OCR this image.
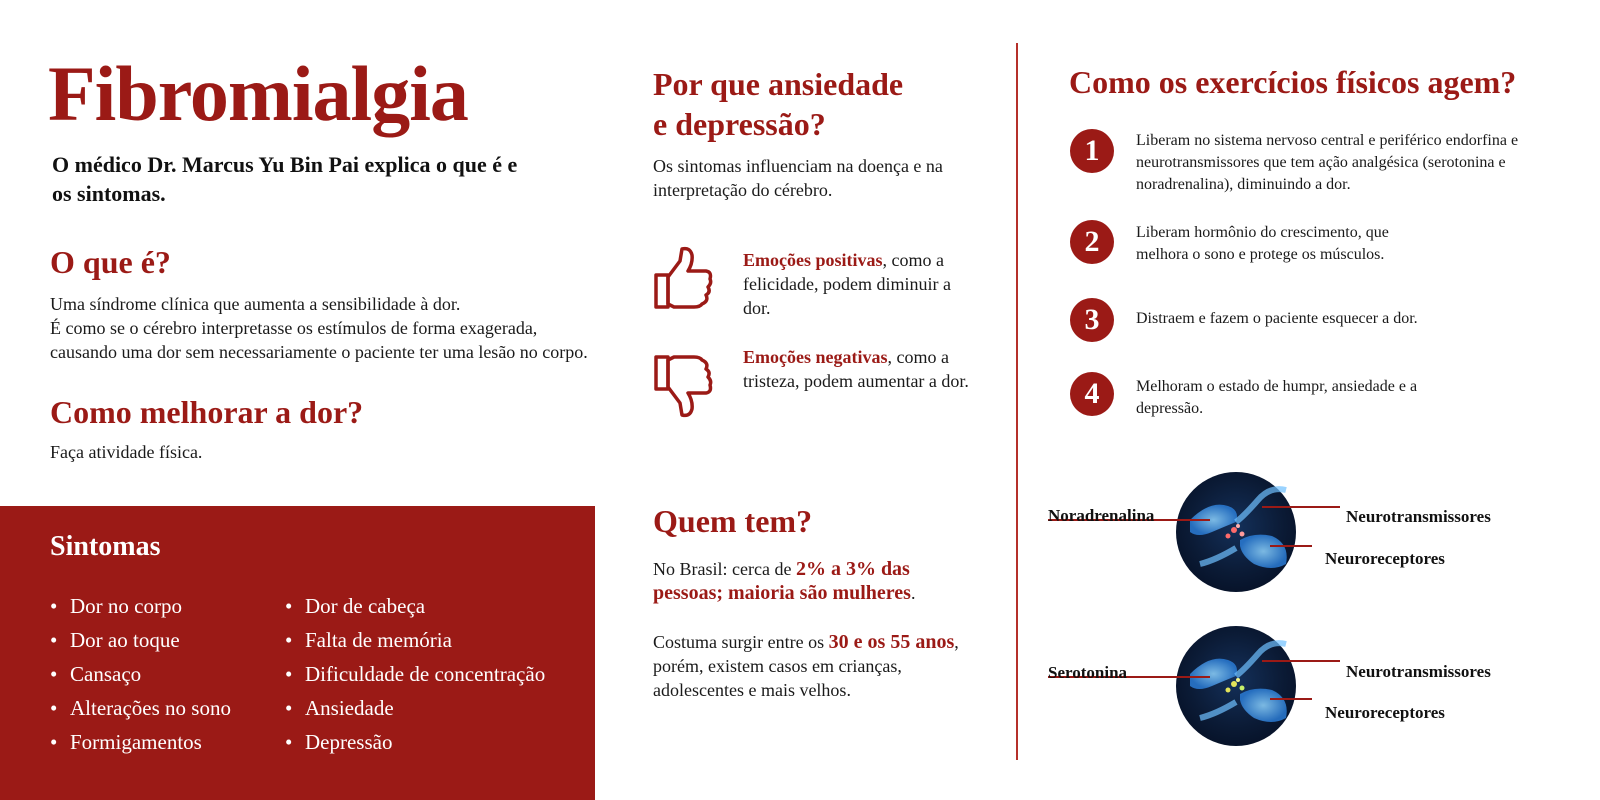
Fibromialgia
O médico Dr. Marcus Yu Bin Pai explica o que é e os sintomas.
O que é?
Uma síndrome clínica que aumenta a sensibilidade à dor.
É como se o cérebro interpretasse os estímulos de forma exagerada,
causando uma dor sem necessariamente o paciente ter uma lesão no corpo.
Como melhorar a dor?
Faça atividade física.
Sintomas
• Dor no corpo
• Dor ao toque
• Cansaço
• Alterações no sono
• Formigamentos
• Dor de cabeça
• Falta de memória
• Dificuldade de concentração
• Ansiedade
• Depressão
Por que ansiedade
e depressão?
Os sintomas influenciam na doença e na interpretação do cérebro.
Emoções positivas, como a felicidade, podem diminuir a dor.
Emoções negativas, como a tristeza, podem aumentar a dor.
Quem tem?
No Brasil: cerca de 2% a 3% das pessoas; maioria são mulheres.
Costuma surgir entre os 30 e os 55 anos, porém, existem casos em crianças, adolescentes e mais velhos.
Como os exercícios físicos agem?
1	Liberam no sistema nervoso central e periférico endorfina e neurotransmissores que tem ação analgésica (serotonina e noradrenalina), diminuindo a dor.
2	Liberam hormônio do crescimento, que melhora o sono e protege os músculos.
3	Distraem e fazem o paciente esquecer a dor.
4	Melhoram o estado de humpr, ansiedade e a depressão.
Noradrenalina	Neurotransmissores
Neuroreceptores
Serotonina	Neurotransmissores
Neuroreceptores
